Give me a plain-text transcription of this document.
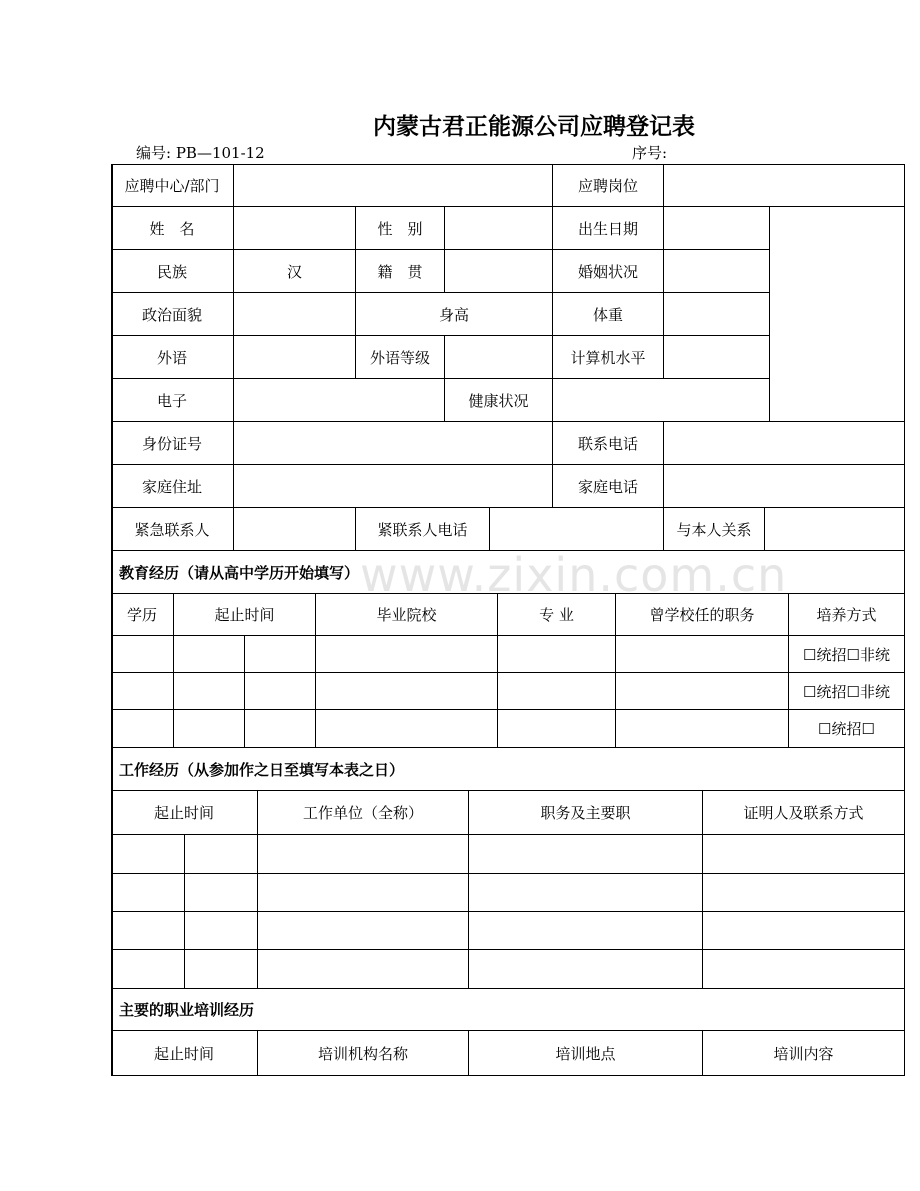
内蒙古君正能源公司应聘登记表
编号: PB—101-12	序号:
应聘中心/部门	应聘岗位
姓　名	性　别	出生日期
民族	汉	籍　贯	婚姻状况
政治面貌	身高	体重
外语	外语等级	计算机水平
电子	健康状况
身份证号	联系电话
家庭住址	家庭电话
紧急联系人	紧联系人电话	与本人关系
教育经历（请从高中学历开始填写）
学历	起止时间	毕业院校	专 业	曾学校任的职务	培养方式
☐统招☐非统
☐统招☐非统
☐统招☐
工作经历（从参加作之日至填写本表之日）
起止时间	工作单位（全称）	职务及主要职	证明人及联系方式
主要的职业培训经历
起止时间	培训机构名称	培训地点	培训内容
www.zixin.com.cn
